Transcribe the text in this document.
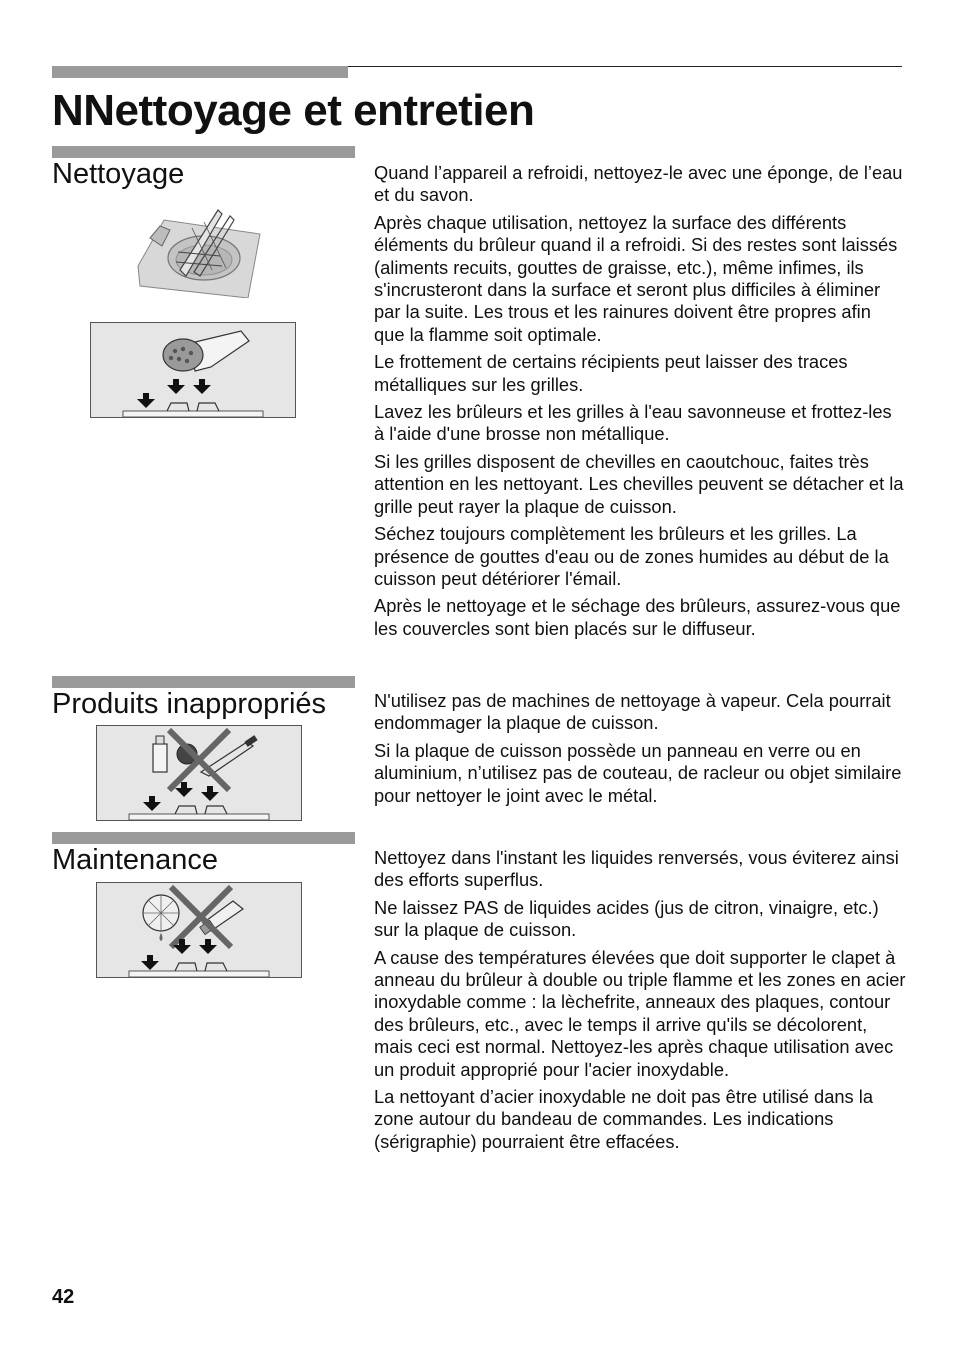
NNettoyage et entretien
Nettoyage	Quand l’appareil a refroidi, nettoyez-le avec une éponge, de l’eau et du savon.

Après chaque utilisation, nettoyez la surface des différents éléments du brûleur quand il a refroidi. Si des restes sont laissés (aliments recuits, gouttes de graisse, etc.), même infimes, ils s'incrusteront dans la surface et seront plus difficiles à éliminer par la suite. Les trous et les rainures doivent être propres afin que la flamme soit optimale.

Le frottement de certains récipients peut laisser des traces métalliques sur les grilles.

Lavez les brûleurs et les grilles à l'eau savonneuse et frottez-les à l'aide d'une brosse non métallique.

Si les grilles disposent de chevilles en caoutchouc, faites très attention en les nettoyant. Les chevilles peuvent se détacher et la grille peut rayer la plaque de cuisson.

Séchez toujours complètement les brûleurs et les grilles. La présence de gouttes d'eau ou de zones humides au début de la cuisson peut détériorer l'émail.

Après le nettoyage et le séchage des brûleurs, assurez-vous que les couvercles sont bien placés sur le diffuseur.

Produits inappropriés	N'utilisez pas de machines de nettoyage à vapeur. Cela pourrait endommager la plaque de cuisson.

Si la plaque de cuisson possède un panneau en verre ou en aluminium, n’utilisez pas de couteau, de racleur ou objet similaire pour nettoyer le joint avec le métal.

Maintenance	Nettoyez dans l'instant les liquides renversés, vous éviterez ainsi des efforts superflus.

Ne laissez PAS de liquides acides (jus de citron, vinaigre, etc.) sur la plaque de cuisson.

A cause des températures élevées que doit supporter le clapet à anneau du brûleur à double ou triple flamme et les zones en acier inoxydable comme : la lèchefrite, anneaux des plaques, contour des brûleurs, etc., avec le temps il arrive qu'ils se décolorent, mais ceci est normal. Nettoyez-les après chaque utilisation avec un produit approprié pour l'acier inoxydable.

La nettoyant d’acier inoxydable ne doit pas être utilisé dans la zone autour du bandeau de commandes. Les indications (sérigraphie) pourraient être effacées.

42
